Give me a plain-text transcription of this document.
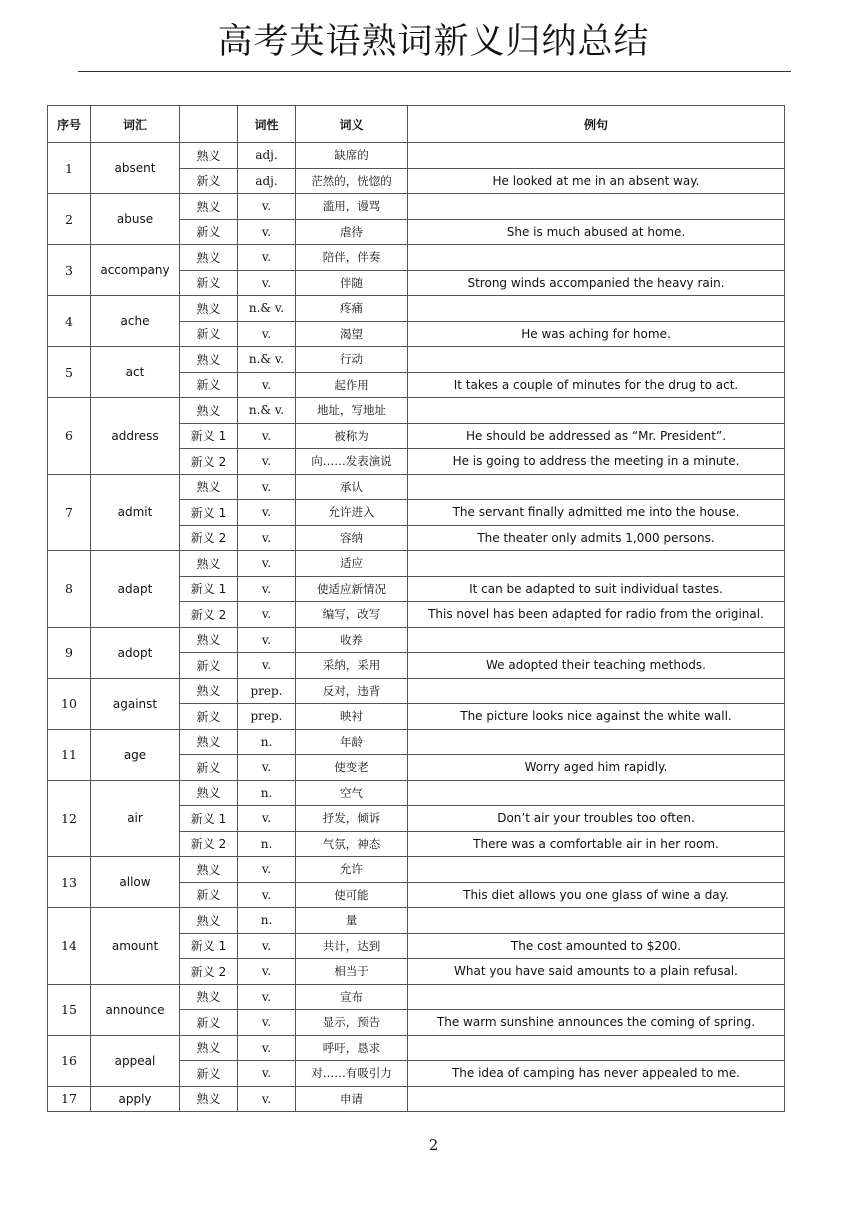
高考英语熟词新义归纳总结
序号	词汇		词性	词义	例句
1	absent	熟义	adj.	缺席的	
		新义	adj.	茫然的，恍惚的	He looked at me in an absent way.
2	abuse	熟义	v.	滥用，谩骂	
		新义	v.	虐待	She is much abused at home.
3	accompany	熟义	v.	陪伴，伴奏	
		新义	v.	伴随	Strong winds accompanied the heavy rain.
4	ache	熟义	n.& v.	疼痛	
		新义	v.	渴望	He was aching for home.
5	act	熟义	n.& v.	行动	
		新义	v.	起作用	It takes a couple of minutes for the drug to act.
6	address	熟义	n.& v.	地址，写地址	
		新义 1	v.	被称为	He should be addressed as “Mr. President”.
		新义 2	v.	向……发表演说	He is going to address the meeting in a minute.
7	admit	熟义	v.	承认	
		新义 1	v.	允许进入	The servant finally admitted me into the house.
		新义 2	v.	容纳	The theater only admits 1,000 persons.
8	adapt	熟义	v.	适应	
		新义 1	v.	使适应新情况	It can be adapted to suit individual tastes.
		新义 2	v.	编写，改写	This novel has been adapted for radio from the original.
9	adopt	熟义	v.	收养	
		新义	v.	采纳，采用	We adopted their teaching methods.
10	against	熟义	prep.	反对，违背	
		新义	prep.	映衬	The picture looks nice against the white wall.
11	age	熟义	n.	年龄	
		新义	v.	使变老	Worry aged him rapidly.
12	air	熟义	n.	空气	
		新义 1	v.	抒发，倾诉	Don’t air your troubles too often.
		新义 2	n.	气氛，神态	There was a comfortable air in her room.
13	allow	熟义	v.	允许	
		新义	v.	使可能	This diet allows you one glass of wine a day.
14	amount	熟义	n.	量	
		新义 1	v.	共计，达到	The cost amounted to $200.
		新义 2	v.	相当于	What you have said amounts to a plain refusal.
15	announce	熟义	v.	宣布	
		新义	v.	显示，预告	The warm sunshine announces the coming of spring.
16	appeal	熟义	v.	呼吁，恳求	
		新义	v.	对……有吸引力	The idea of camping has never appealed to me.
17	apply	熟义	v.	申请	
2
